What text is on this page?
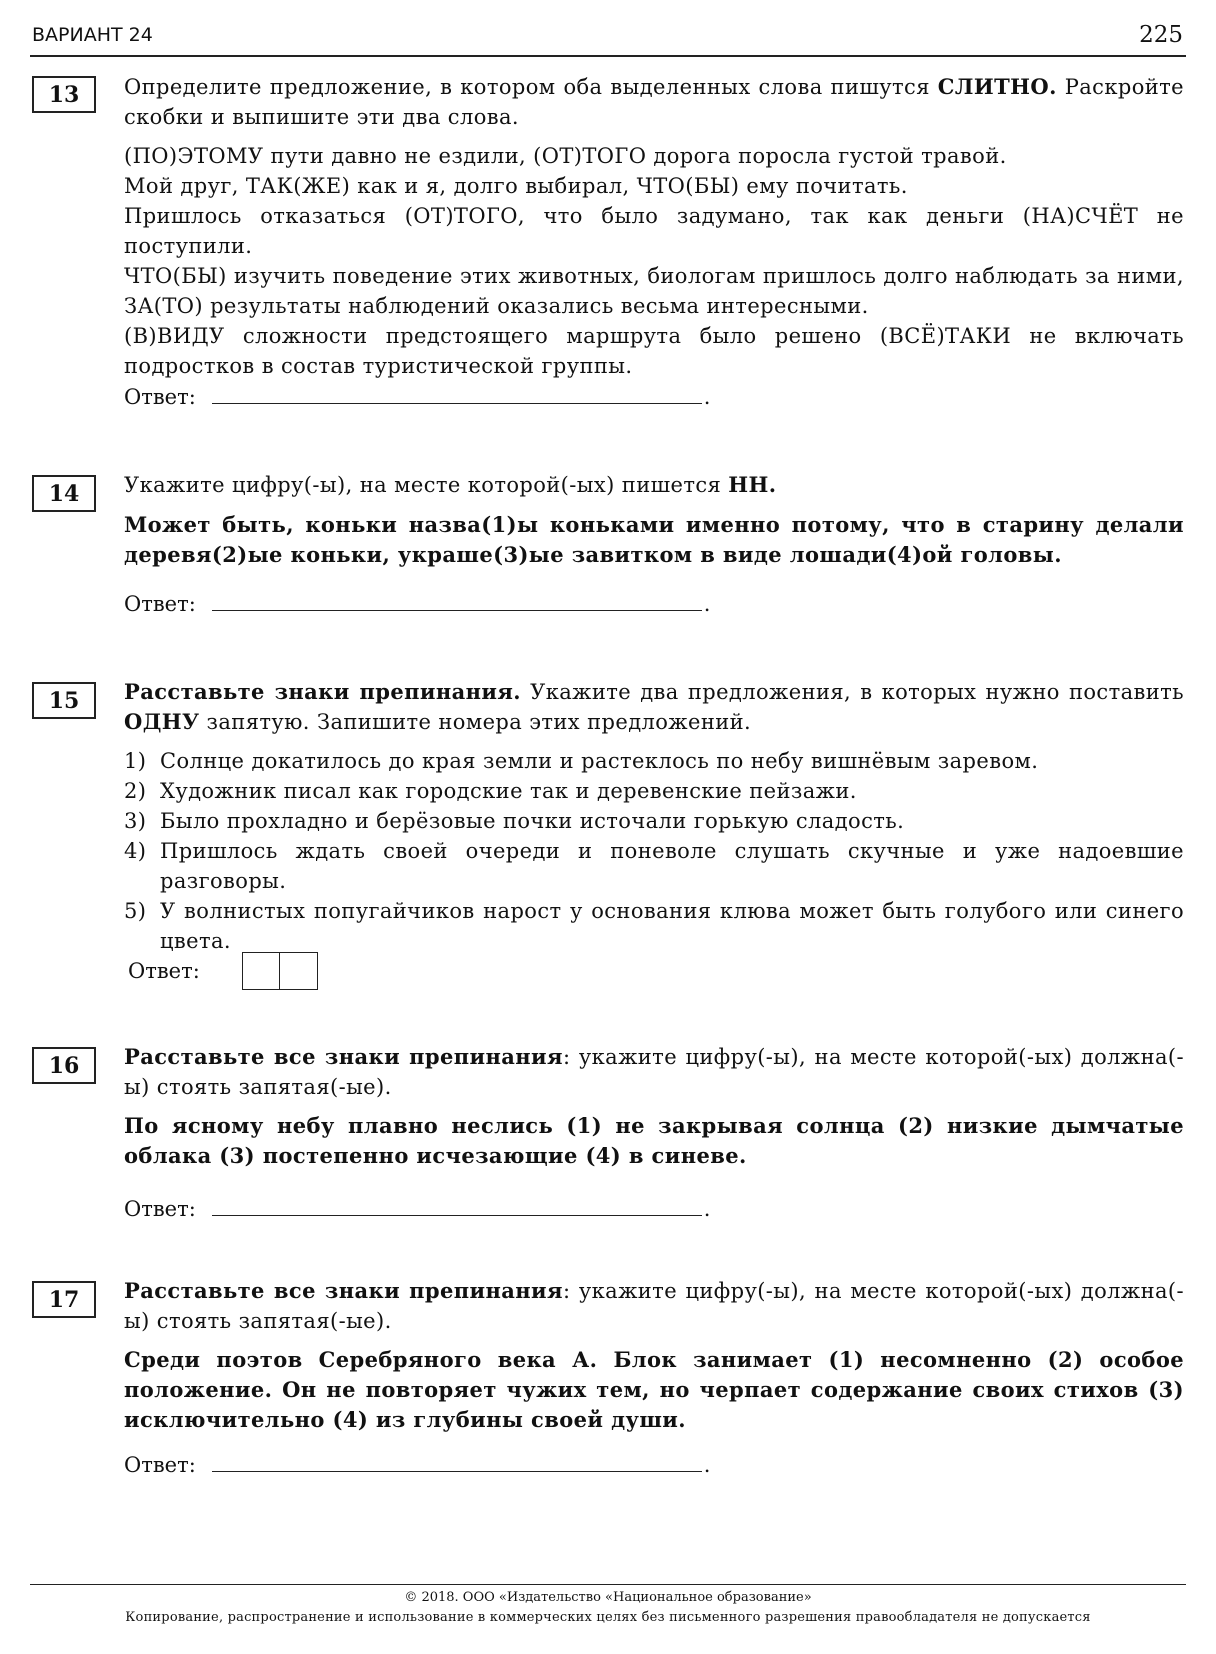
ВАРИАНТ 24	225
13	Определите предложение, в котором оба выделенных слова пишутся СЛИТНО. Раскройте скобки и выпишите эти два слова.

(ПО)ЭТОМУ пути давно не ездили, (ОТ)ТОГО дорога поросла густой травой.

Мой друг, ТАК(ЖЕ) как и я, долго выбирал, ЧТО(БЫ) ему почитать.

Пришлось отказаться (ОТ)ТОГО, что было задумано, так как деньги (НА)СЧЁТ не поступили.

ЧТО(БЫ) изучить поведение этих животных, биологам пришлось долго наблюдать за ними, ЗА(ТО) результаты наблюдений оказались весьма интересными.

(В)ВИДУ сложности предстоящего маршрута было решено (ВСЁ)ТАКИ не включать подростков в состав туристической группы.

Ответ:	.
14	Укажите цифру(-ы), на месте которой(-ых) пишется НН.

Может быть, коньки назва(1)ы коньками именно потому, что в старину делали деревя(2)ые коньки, украше(3)ые завитком в виде лошади(4)ой головы.
Ответ:	.
15	Расставьте знаки препинания. Укажите два предложения, в которых нужно поставить ОДНУ запятую. Запишите номера этих предложений.

1) Солнце докатилось до края земли и растеклось по небу вишнёвым заревом.
2) Художник писал как городские так и деревенские пейзажи.
3) Было прохладно и берёзовые почки источали горькую сладость.
4) Пришлось ждать своей очереди и поневоле слушать скучные и уже надоевшие разговоры.
5) У волнистых попугайчиков нарост у основания клюва может быть голубого или синего цвета.
Ответ:
16	Расставьте все знаки препинания: укажите цифру(-ы), на месте которой(-ых) должна(-ы) стоять запятая(-ые).

По ясному небу плавно неслись (1) не закрывая солнца (2) низкие дымчатые облака (3) постепенно исчезающие (4) в синеве.
Ответ:	.
17	Расставьте все знаки препинания: укажите цифру(-ы), на месте которой(-ых) должна(-ы) стоять запятая(-ые).

Среди поэтов Серебряного века А. Блок занимает (1) несомненно (2) особое положение. Он не повторяет чужих тем, но черпает содержание своих стихов (3) исключительно (4) из глубины своей души.
Ответ:	.
© 2018. ООО «Издательство «Национальное образование»
Копирование, распространение и использование в коммерческих целях без письменного разрешения правообладателя не допускается
